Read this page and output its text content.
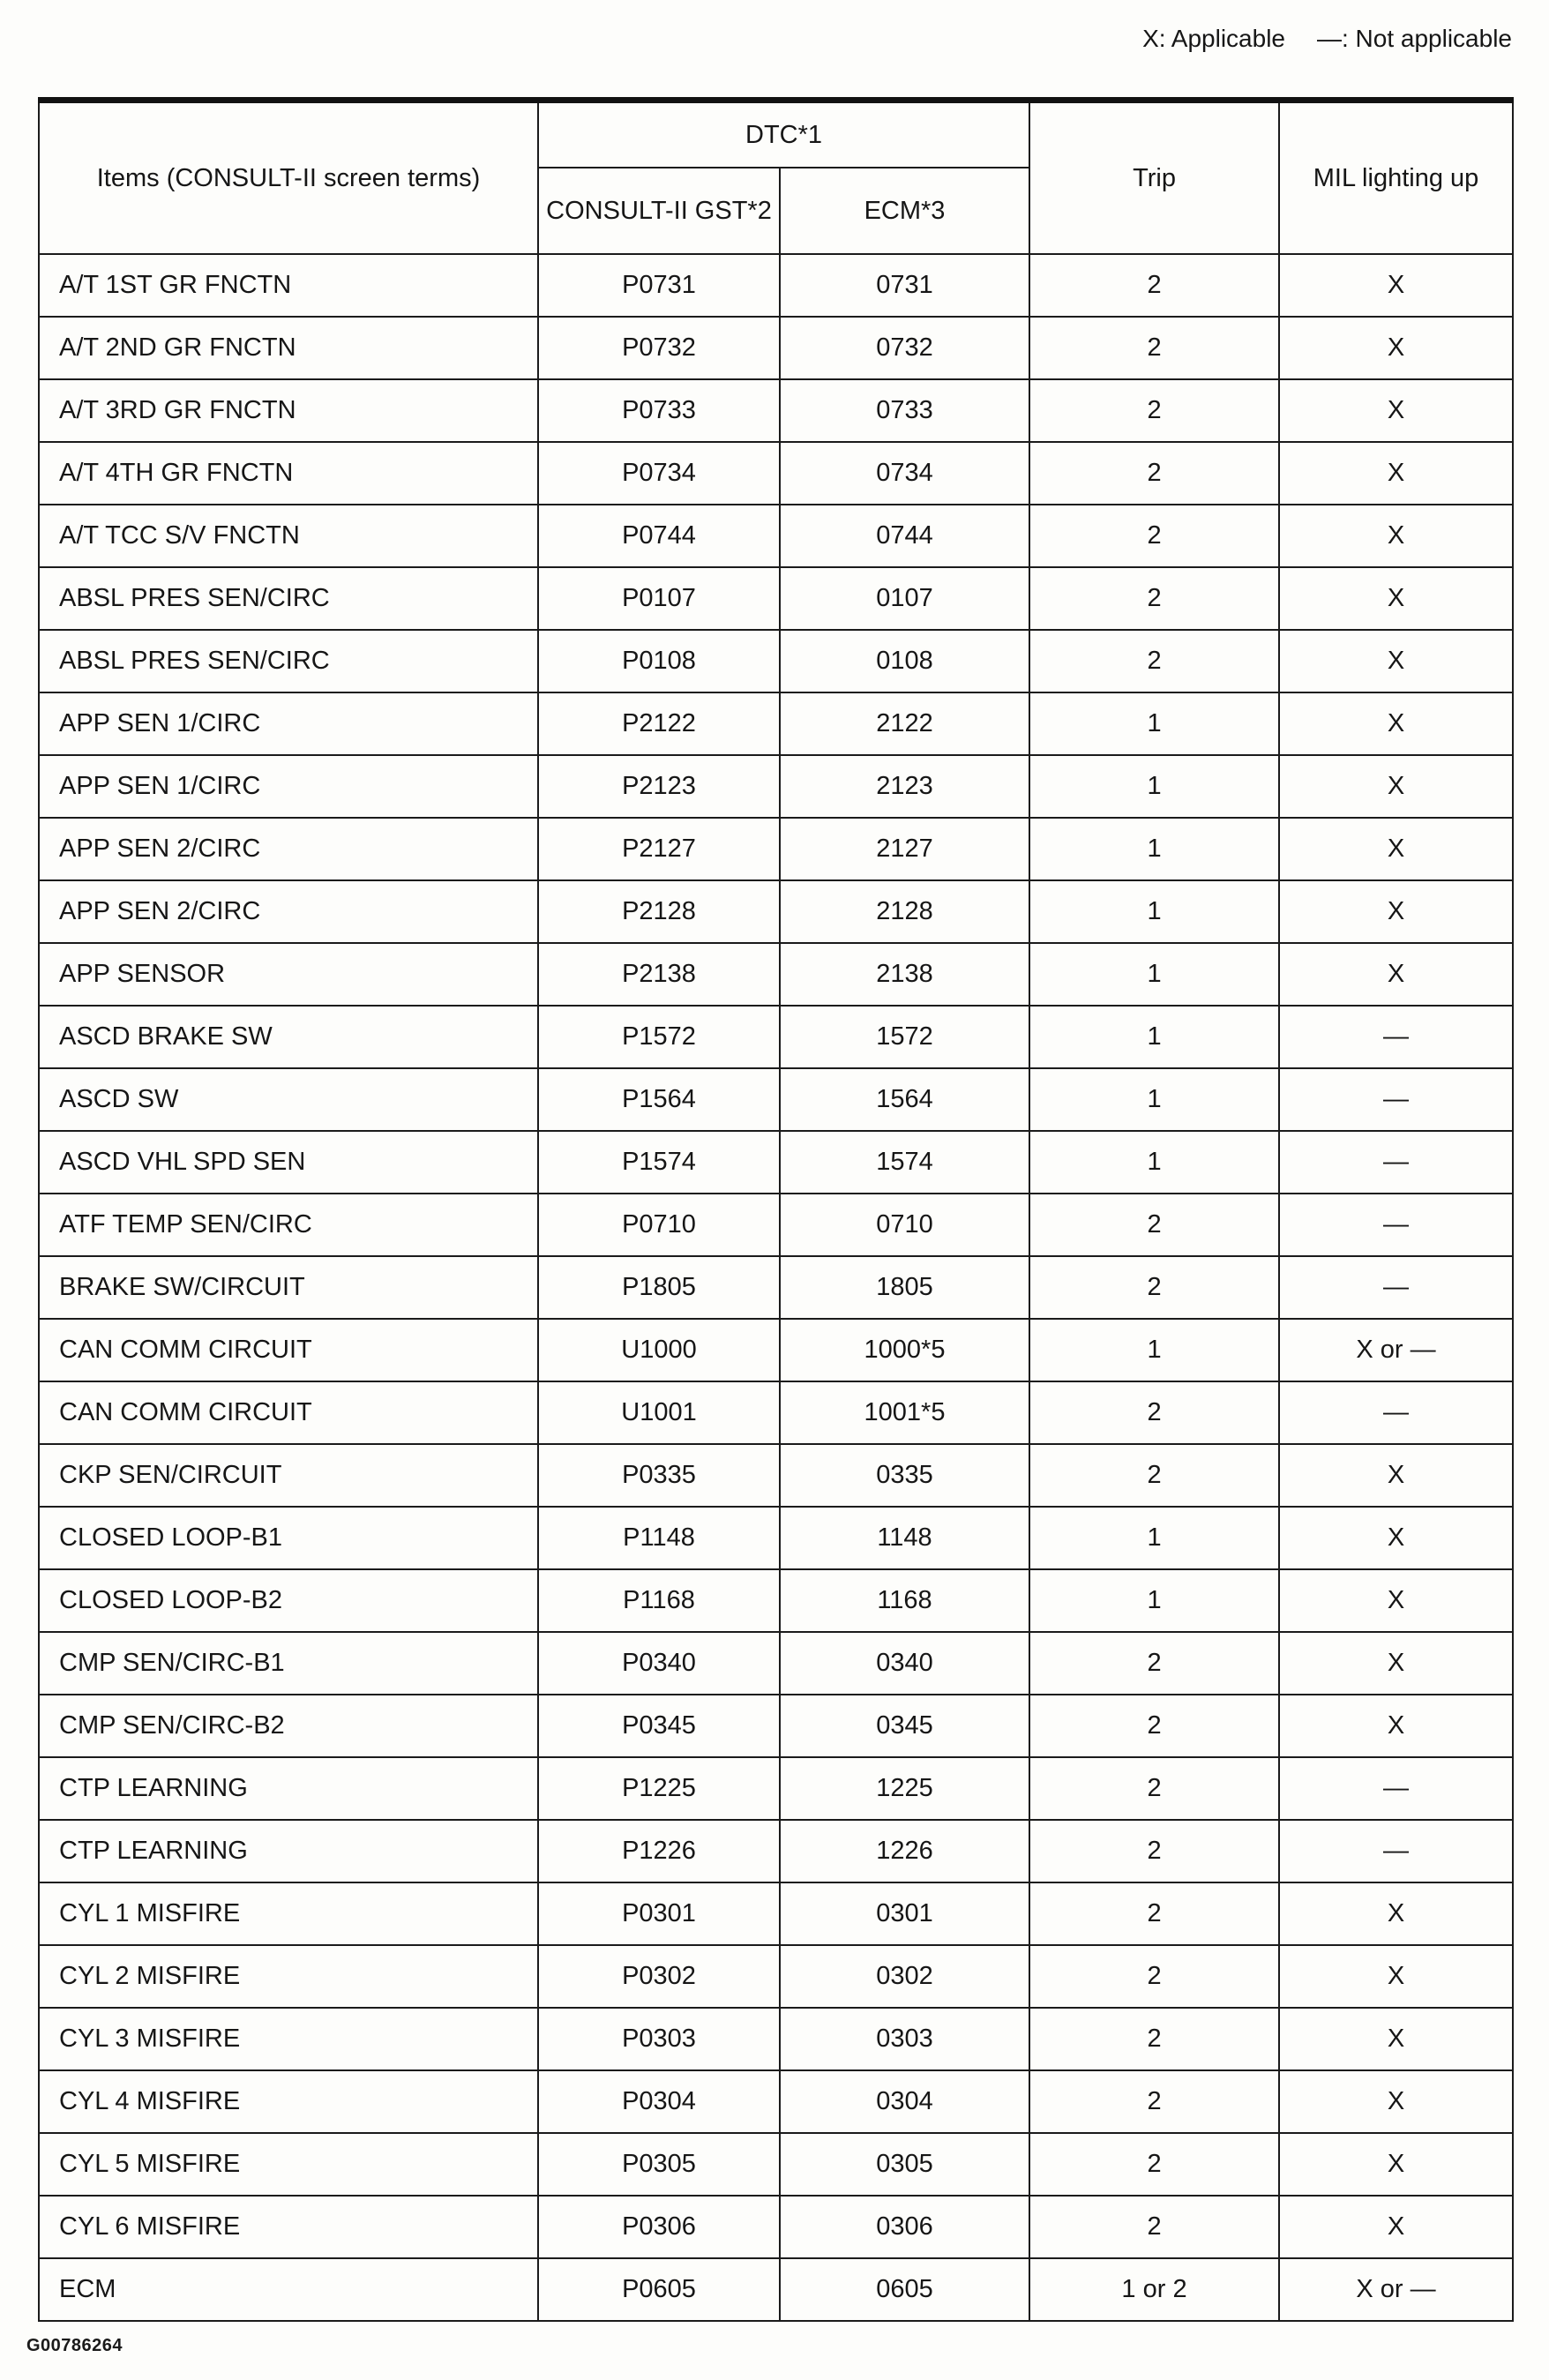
X: Applicable —: Not applicable
Items (CONSULT-II screen terms)	DTC*1		Trip	MIL lighting up
	CONSULT-II GST*2	ECM*3		
A/T 1ST GR FNCTN	P0731	0731	2	X
A/T 2ND GR FNCTN	P0732	0732	2	X
A/T 3RD GR FNCTN	P0733	0733	2	X
A/T 4TH GR FNCTN	P0734	0734	2	X
A/T TCC S/V FNCTN	P0744	0744	2	X
ABSL PRES SEN/CIRC	P0107	0107	2	X
ABSL PRES SEN/CIRC	P0108	0108	2	X
APP SEN 1/CIRC	P2122	2122	1	X
APP SEN 1/CIRC	P2123	2123	1	X
APP SEN 2/CIRC	P2127	2127	1	X
APP SEN 2/CIRC	P2128	2128	1	X
APP SENSOR	P2138	2138	1	X
ASCD BRAKE SW	P1572	1572	1	—
ASCD SW	P1564	1564	1	—
ASCD VHL SPD SEN	P1574	1574	1	—
ATF TEMP SEN/CIRC	P0710	0710	2	—
BRAKE SW/CIRCUIT	P1805	1805	2	—
CAN COMM CIRCUIT	U1000	1000*5	1	X or —
CAN COMM CIRCUIT	U1001	1001*5	2	—
CKP SEN/CIRCUIT	P0335	0335	2	X
CLOSED LOOP-B1	P1148	1148	1	X
CLOSED LOOP-B2	P1168	1168	1	X
CMP SEN/CIRC-B1	P0340	0340	2	X
CMP SEN/CIRC-B2	P0345	0345	2	X
CTP LEARNING	P1225	1225	2	—
CTP LEARNING	P1226	1226	2	—
CYL 1 MISFIRE	P0301	0301	2	X
CYL 2 MISFIRE	P0302	0302	2	X
CYL 3 MISFIRE	P0303	0303	2	X
CYL 4 MISFIRE	P0304	0304	2	X
CYL 5 MISFIRE	P0305	0305	2	X
CYL 6 MISFIRE	P0306	0306	2	X
ECM	P0605	0605	1 or 2	X or —
G00786264
